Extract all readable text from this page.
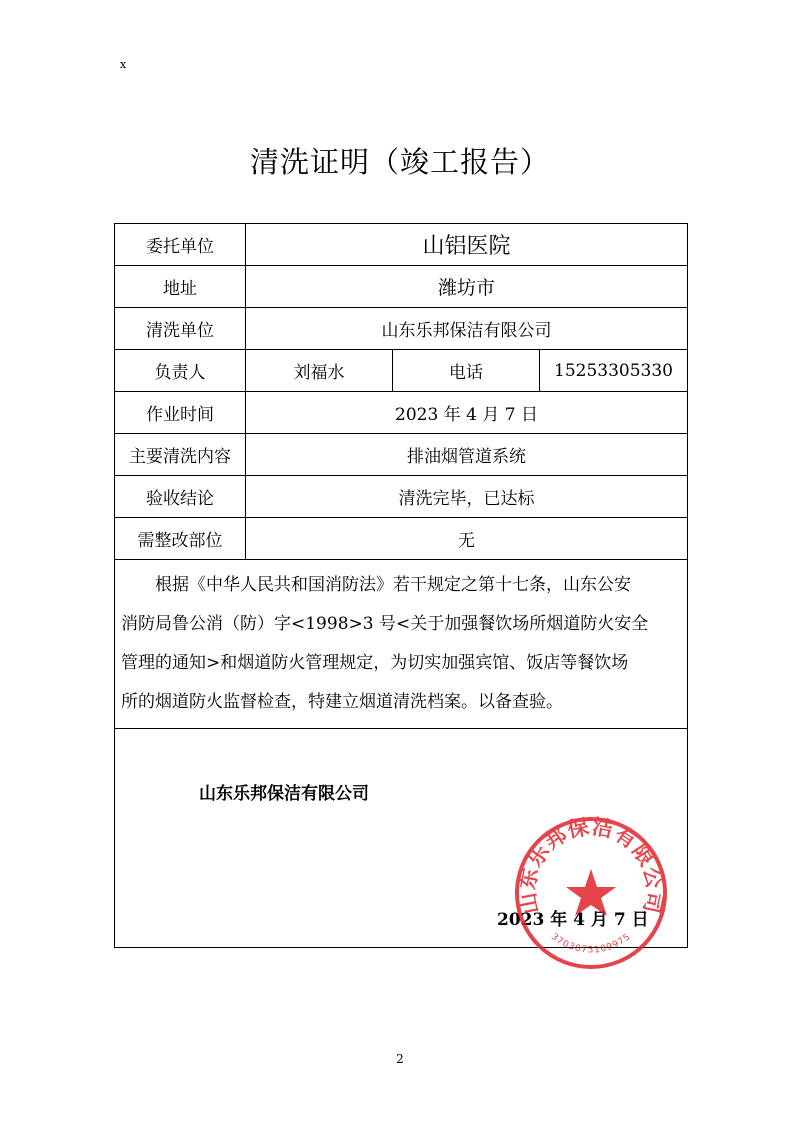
x
清洗证明（竣工报告）
委托单位	山铝医院		
地址	潍坊市		
清洗单位	山东乐邦保洁有限公司		
负责人	刘福水	电话	15253305330
作业时间	2023 年 4 月 7 日		
主要清洗内容	排油烟管道系统		
验收结论	清洗完毕，已达标		
需整改部位	无		

根据《中华人民共和国消防法》若干规定之第十七条，山东公安
消防局鲁公消（防）字<1998>3 号<关于加强餐饮场所烟道防火安全
管理的通知>和烟道防火管理规定，为切实加强宾馆、饭店等餐饮场
所的烟道防火监督检查，特建立烟道清洗档案。以备查验。			

山东乐邦保洁有限公司
2023 年 4 月 7 日
山东乐邦保洁有限公司
3703073109975			
2
